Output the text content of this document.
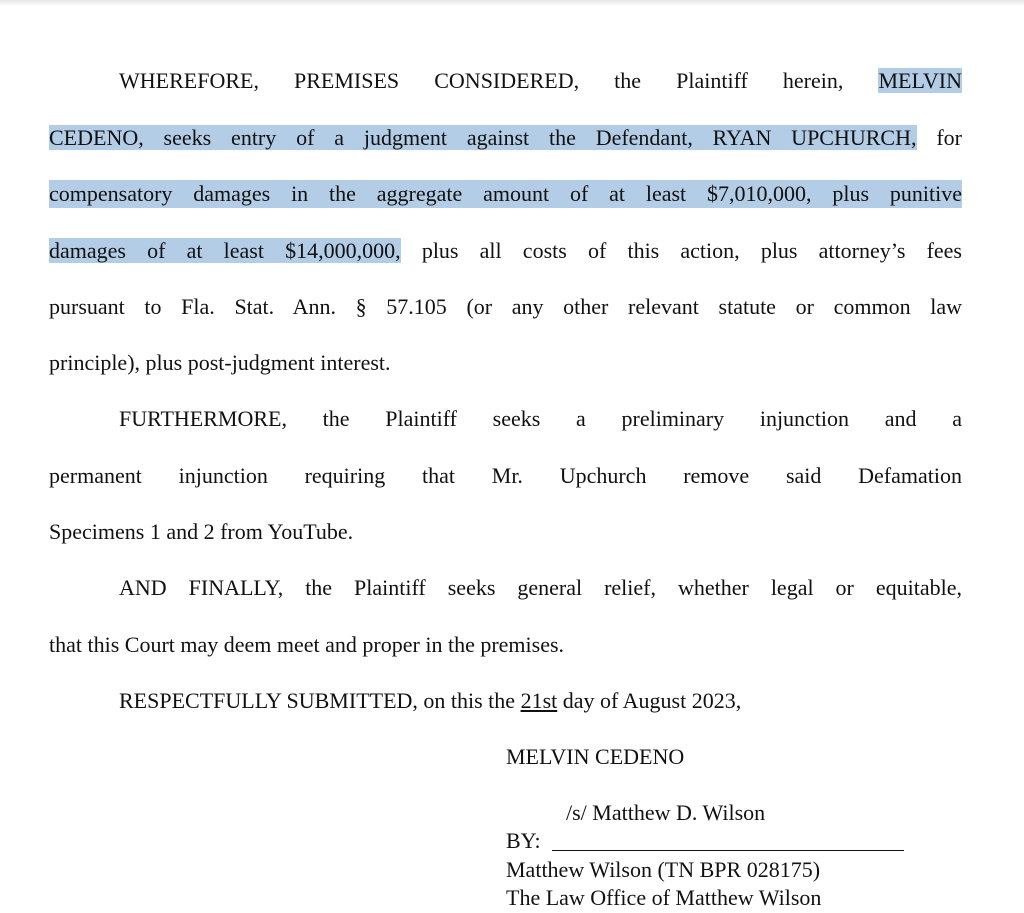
WHEREFORE, PREMISES CONSIDERED, the Plaintiff herein, MELVIN
CEDENO, seeks entry of a judgment against the Defendant, RYAN UPCHURCH, for
compensatory damages in the aggregate amount of at least $7,010,000, plus punitive
damages of at least $14,000,000, plus all costs of this action, plus attorney’s fees
pursuant to Fla. Stat. Ann. § 57.105 (or any other relevant statute or common law
principle), plus post-judgment interest.
FURTHERMORE, the Plaintiff seeks a preliminary injunction and a
permanent injunction requiring that Mr. Upchurch remove said Defamation
Specimens 1 and 2 from YouTube.
AND FINALLY, the Plaintiff seeks general relief, whether legal or equitable,
that this Court may deem meet and proper in the premises.
RESPECTFULLY SUBMITTED, on this the 21st day of August 2023,
MELVIN CEDENO
/s/ Matthew D. Wilson
BY:
Matthew Wilson (TN BPR 028175)
The Law Office of Matthew Wilson
